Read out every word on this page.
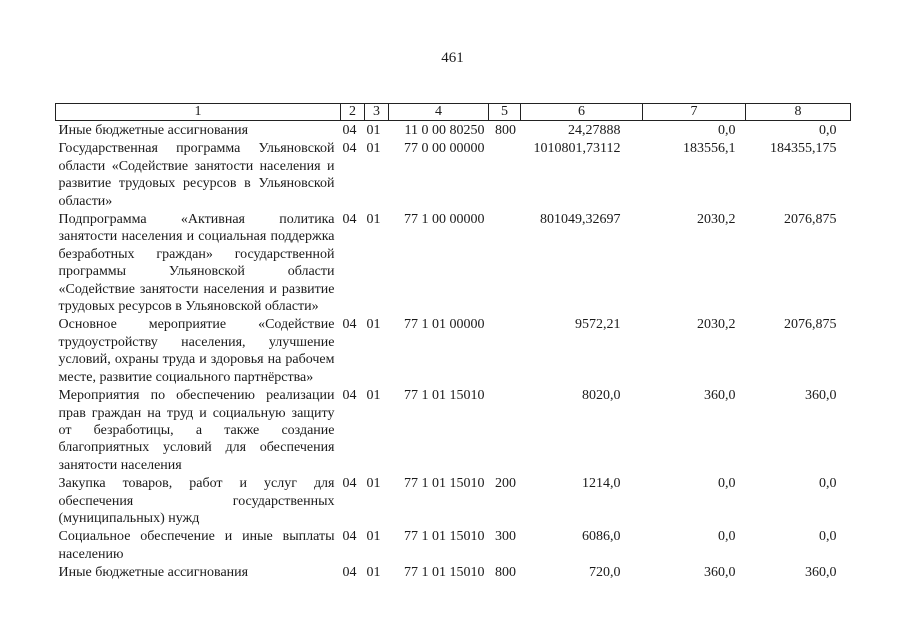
461
1	2	3	4	5	6	7	8
Иные бюджетные ассигнования	04	01	11 0 00 80250	800	24,27888	0,0	0,0
Государственная программа Ульяновской области «Содействие занятости населения и развитие трудовых ресурсов в Ульяновской области»	04	01	77 0 00 00000		1010801,73112	183556,1	184355,175
Подпрограмма «Активная политика занятости населения и социальная поддержка безработных граждан» государственной программы Ульяновской области «Содействие занятости населения и развитие трудовых ресурсов в Ульяновской области»	04	01	77 1 00 00000		801049,32697	2030,2	2076,875
Основное мероприятие «Содействие трудоустройству населения, улучшение условий, охраны труда и здоровья на рабочем месте, развитие социального партнёрства»	04	01	77 1 01 00000		9572,21	2030,2	2076,875
Мероприятия по обеспечению реализации прав граждан на труд и социальную защиту от безработицы, а также создание благоприятных условий для обеспечения занятости населения	04	01	77 1 01 15010		8020,0	360,0	360,0
Закупка товаров, работ и услуг для обеспечения государственных (муниципальных) нужд	04	01	77 1 01 15010	200	1214,0	0,0	0,0
Социальное обеспечение и иные выплаты населению	04	01	77 1 01 15010	300	6086,0	0,0	0,0
Иные бюджетные ассигнования	04	01	77 1 01 15010	800	720,0	360,0	360,0
